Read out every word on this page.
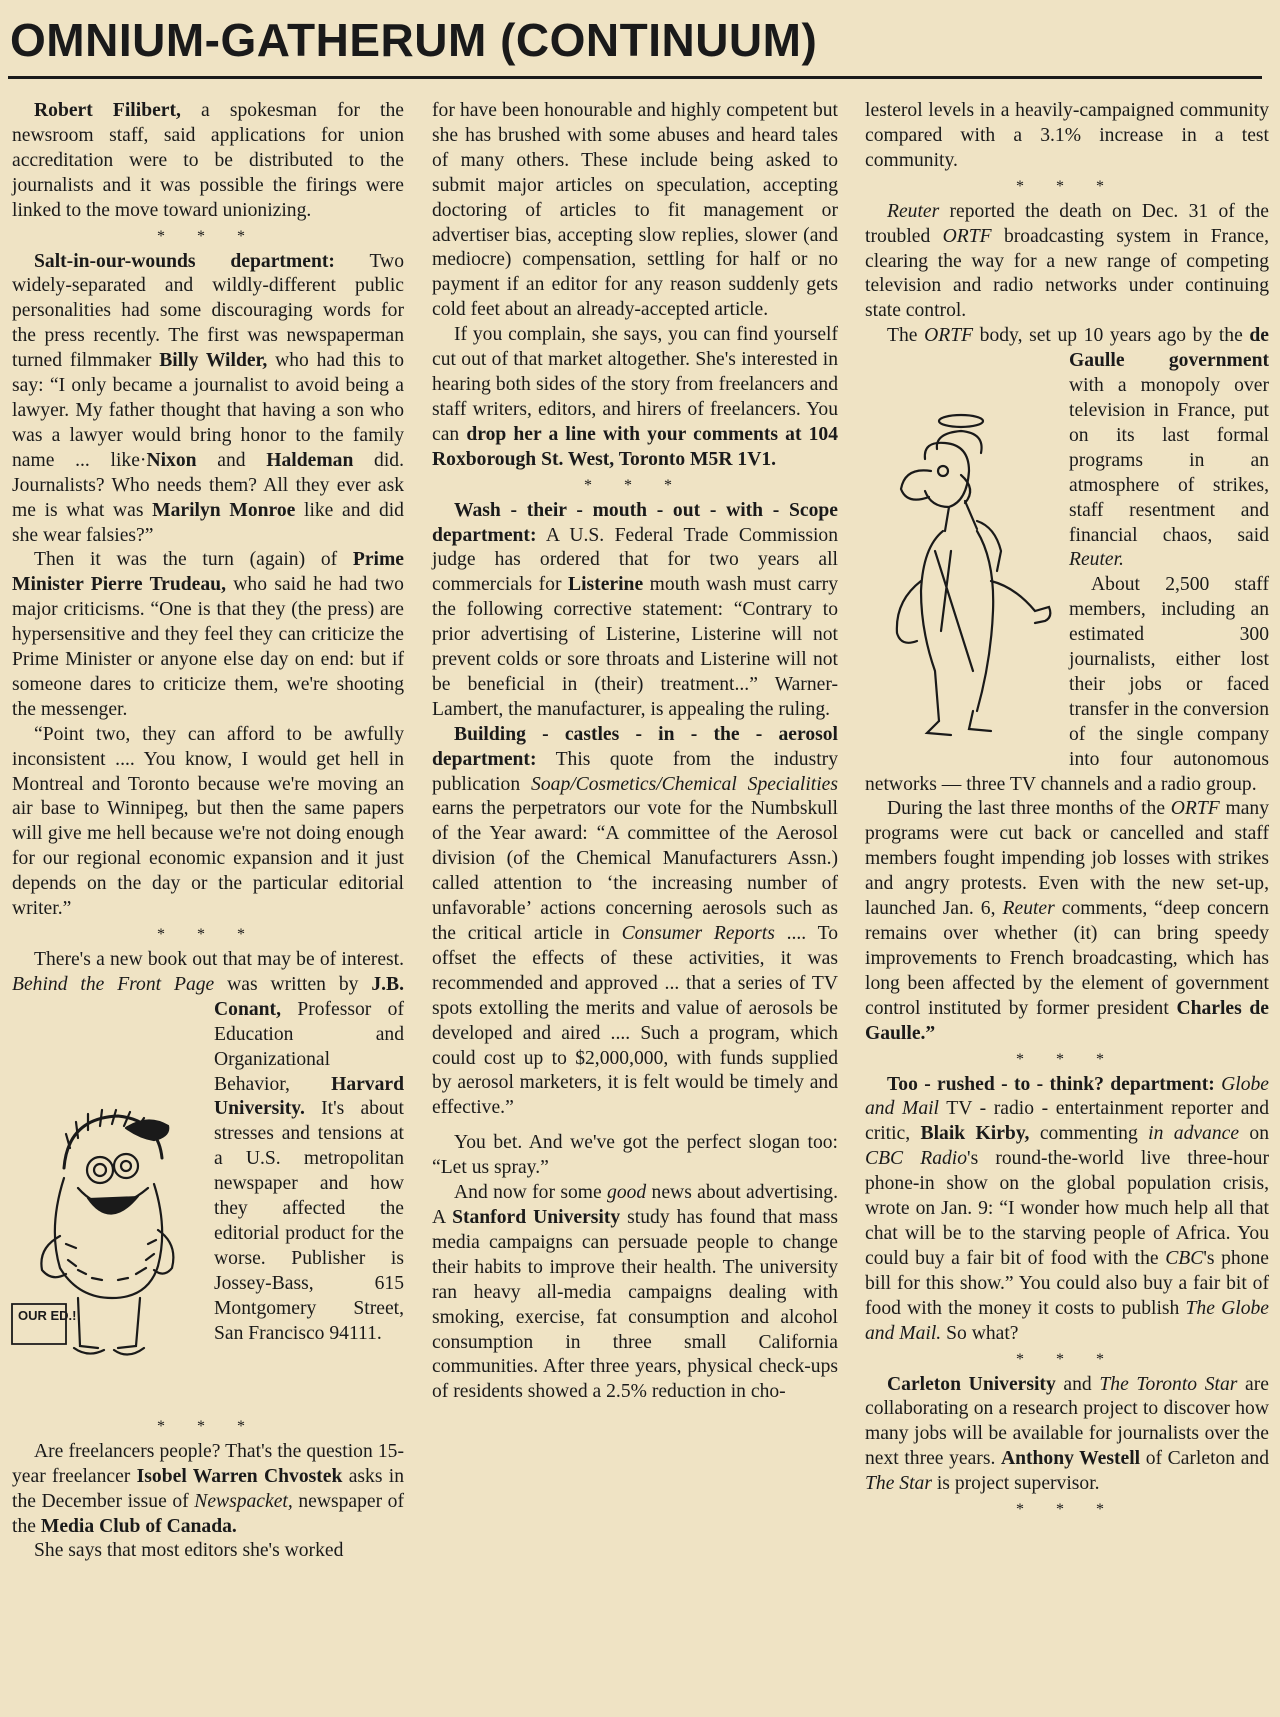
OMNIUM-GATHERUM (CONTINUUM)

Robert Filibert, a spokesman for the newsroom staff, said applications for union accreditation were to be distributed to the journalists and it was possible the firings were linked to the move toward unionizing.

* * *

Salt-in-our-wounds department: Two widely-separated and wildly-different public personalities had some discouraging words for the press recently. The first was newspaperman turned filmmaker Billy Wilder, who had this to say: “I only became a journalist to avoid being a lawyer. My father thought that having a son who was a lawyer would bring honor to the family name ... like·Nixon and Haldeman did. Journalists? Who needs them? All they ever ask me is what was Marilyn Monroe like and did she wear falsies?”

Then it was the turn (again) of Prime Minister Pierre Trudeau, who said he had two major criticisms. “One is that they (the press) are hypersensitive and they feel they can criticize the Prime Minister or anyone else day on end: but if someone dares to criticize them, we're shooting the messenger.

“Point two, they can afford to be awfully inconsistent .... You know, I would get hell in Montreal and Toronto because we're moving an air base to Winnipeg, but then the same papers will give me hell because we're not doing enough for our regional economic expansion and it just depends on the day or the particular editorial writer.”

* * *

There's a new book out that may be of interest. Behind the Front Page was written by J.B. Conant,
OUR ED.!
Professor of Education and Organizational Behavior, Harvard University. It's about stresses and tensions at a U.S. metropolitan newspaper and how they affected the editorial product for the worse. Publisher is Jossey-Bass, 615 Montgomery Street, San Francisco 94111.

* * *

Are freelancers people? That's the question 15-year freelancer Isobel Warren Chvostek asks in the December issue of Newspacket, newspaper of the Media Club of Canada.

She says that most editors she's worked

for have been honourable and highly competent but she has brushed with some abuses and heard tales of many others. These include being asked to submit major articles on speculation, accepting doctoring of articles to fit management or advertiser bias, accepting slow replies, slower (and mediocre) compensation, settling for half or no payment if an editor for any reason suddenly gets cold feet about an already-accepted article.

If you complain, she says, you can find yourself cut out of that market altogether. She's interested in hearing both sides of the story from freelancers and staff writers, editors, and hirers of freelancers. You can drop her a line with your comments at 104 Roxborough St. West, Toronto M5R 1V1.

* * *

Wash - their - mouth - out - with - Scope department: A U.S. Federal Trade Commission judge has ordered that for two years all commercials for Listerine mouth wash must carry the following corrective statement: “Contrary to prior advertising of Listerine, Listerine will not prevent colds or sore throats and Listerine will not be beneficial in (their) treatment...” Warner-Lambert, the manufacturer, is appealing the ruling.

Building - castles - in - the - aerosol department: This quote from the industry publication Soap/Cosmetics/Chemical Specialities earns the perpetrators our vote for the Numbskull of the Year award: “A committee of the Aerosol division (of the Chemical Manufacturers Assn.) called attention to ‘the increasing number of unfavorable’ actions concerning aerosols such as the critical article in Consumer Reports .... To offset the effects of these activities, it was recommended and approved ... that a series of TV spots extolling the merits and value of aerosols be developed and aired .... Such a program, which could cost up to $2,000,000, with funds supplied by aerosol marketers, it is felt would be timely and effective.”

You bet. And we've got the perfect slogan too: “Let us spray.”

And now for some good news about advertising. A Stanford University study has found that mass media campaigns can persuade people to change their habits to improve their health. The university ran heavy all-media campaigns dealing with smoking, exercise, fat consumption and alcohol consumption in three small California communities. After three years, physical check-ups of residents showed a 2.5% reduction in cho-

lesterol levels in a heavily-campaigned community compared with a 3.1% increase in a test community.

* * *

Reuter reported the death on Dec. 31 of the troubled ORTF broadcasting system in France, clearing the way for a new range of competing television and radio networks under continuing state control.

The ORTF body, set up 10 years ago by the de Gaulle government
with a monopoly over television in France, put on its last formal programs in an atmosphere of strikes, staff resentment and financial chaos, said Reuter.

About 2,500 staff members, including an estimated 300 journalists, either lost their jobs or faced transfer in the conversion of the single company into four autonomous networks — three TV channels and a radio group.

During the last three months of the ORTF many programs were cut back or cancelled and staff members fought impending job losses with strikes and angry protests. Even with the new set-up, launched Jan. 6, Reuter comments, “deep concern remains over whether (it) can bring speedy improvements to French broadcasting, which has long been affected by the element of government control instituted by former president Charles de Gaulle.”

* * *

Too - rushed - to - think? department: Globe and Mail TV - radio - entertainment reporter and critic, Blaik Kirby, commenting in advance on CBC Radio's round-the-world live three-hour phone-in show on the global population crisis, wrote on Jan. 9: “I wonder how much help all that chat will be to the starving people of Africa. You could buy a fair bit of food with the CBC's phone bill for this show.” You could also buy a fair bit of food with the money it costs to publish The Globe and Mail. So what?

* * *

Carleton University and The Toronto Star are collaborating on a research project to discover how many jobs will be available for journalists over the next three years. Anthony Westell of Carleton and The Star is project supervisor.

* * *
